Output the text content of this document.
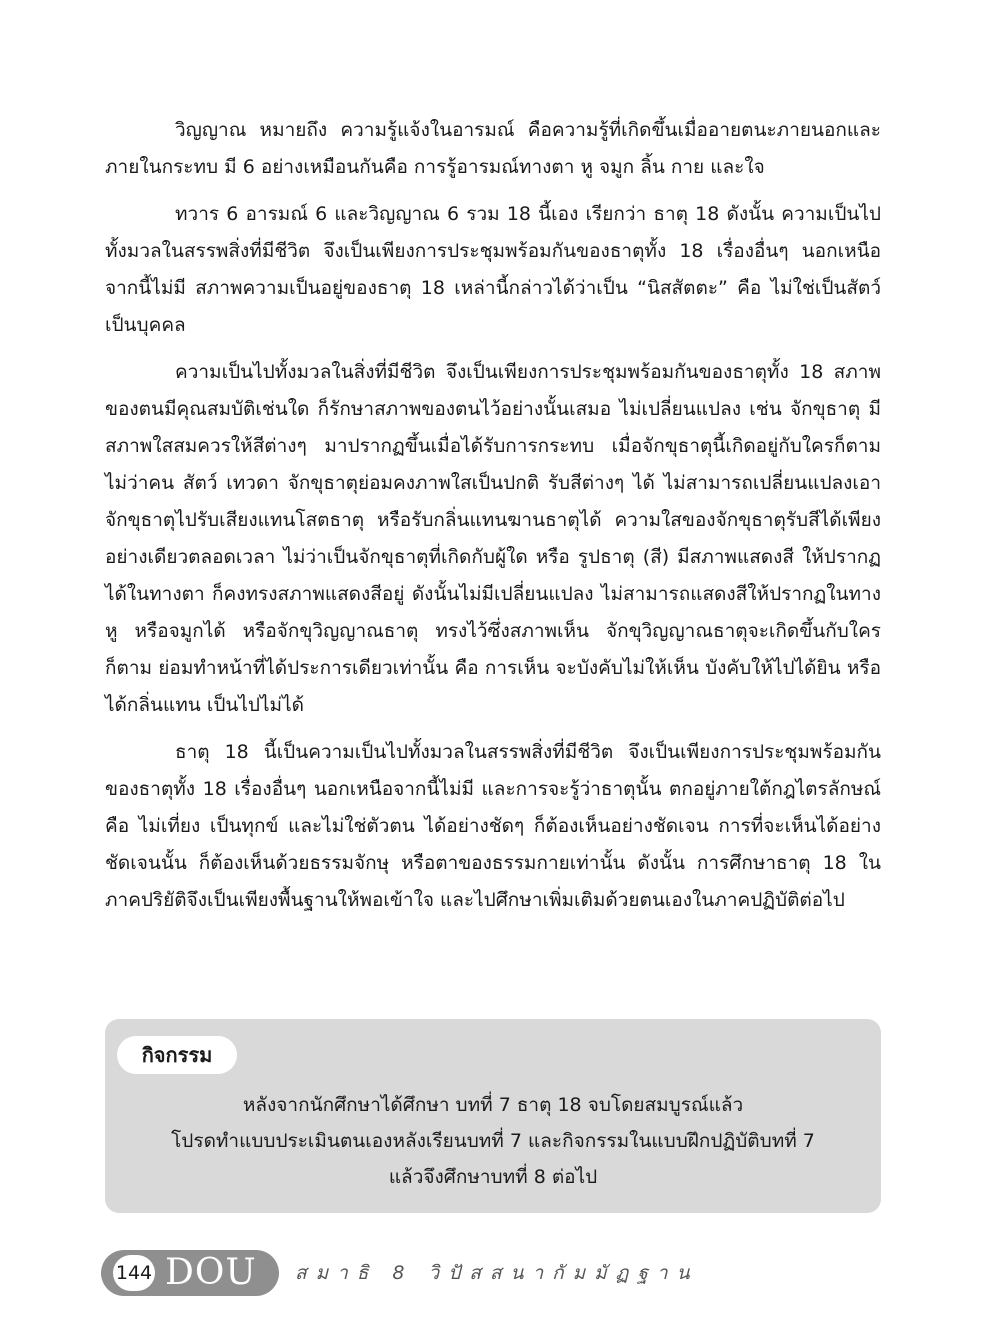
วิญญาณ หมายถึง ความรู้แจ้งในอารมณ์ คือความรู้ที่เกิดขึ้นเมื่ออายตนะภายนอกและภายในกระทบ มี 6 อย่างเหมือนกันคือ การรู้อารมณ์ทางตา หู จมูก ลิ้น กาย และใจ

ทวาร 6 อารมณ์ 6 และวิญญาณ 6 รวม 18 นี้เอง เรียกว่า ธาตุ 18 ดังนั้น ความเป็นไปทั้งมวลในสรรพสิ่งที่มีชีวิต จึงเป็นเพียงการประชุมพร้อมกันของธาตุทั้ง 18 เรื่องอื่นๆ นอกเหนือจากนี้ไม่มี สภาพความเป็นอยู่ของธาตุ 18 เหล่านี้กล่าวได้ว่าเป็น “นิสสัตตะ” คือ ไม่ใช่เป็นสัตว์ เป็นบุคคล

ความเป็นไปทั้งมวลในสิ่งที่มีชีวิต จึงเป็นเพียงการประชุมพร้อมกันของธาตุทั้ง 18 สภาพของตนมีคุณสมบัติเช่นใด ก็รักษาสภาพของตนไว้อย่างนั้นเสมอ ไม่เปลี่ยนแปลง เช่น จักขุธาตุ มีสภาพใสสมควรให้สีต่างๆ มาปรากฏขึ้นเมื่อได้รับการกระทบ เมื่อจักขุธาตุนี้เกิดอยู่กับใครก็ตาม ไม่ว่าคน สัตว์ เทวดา จักขุธาตุย่อมคงภาพใสเป็นปกติ รับสีต่างๆ ได้ ไม่สามารถเปลี่ยนแปลงเอาจักขุธาตุไปรับเสียงแทนโสตธาตุ หรือรับกลิ่นแทนฆานธาตุได้ ความใสของจักขุธาตุรับสีได้เพียงอย่างเดียวตลอดเวลา ไม่ว่าเป็นจักขุธาตุที่เกิดกับผู้ใด หรือ รูปธาตุ (สี) มีสภาพแสดงสี ให้ปรากฏได้ในทางตา ก็คงทรงสภาพแสดงสีอยู่ ดังนั้นไม่มีเปลี่ยนแปลง ไม่สามารถแสดงสีให้ปรากฏในทางหู หรือจมูกได้ หรือจักขุวิญญาณธาตุ ทรงไว้ซึ่งสภาพเห็น จักขุวิญญาณธาตุจะเกิดขึ้นกับใครก็ตาม ย่อมทำหน้าที่ได้ประการเดียวเท่านั้น คือ การเห็น จะบังคับไม่ให้เห็น บังคับให้ไปได้ยิน หรือได้กลิ่นแทน เป็นไปไม่ได้

ธาตุ 18 นี้เป็นความเป็นไปทั้งมวลในสรรพสิ่งที่มีชีวิต จึงเป็นเพียงการประชุมพร้อมกันของธาตุทั้ง 18 เรื่องอื่นๆ นอกเหนือจากนี้ไม่มี และการจะรู้ว่าธาตุนั้น ตกอยู่ภายใต้กฎไตรลักษณ์ คือ ไม่เที่ยง เป็นทุกข์ และไม่ใช่ตัวตน ได้อย่างชัดๆ ก็ต้องเห็นอย่างชัดเจน การที่จะเห็นได้อย่างชัดเจนนั้น ก็ต้องเห็นด้วยธรรมจักษุ หรือตาของธรรมกายเท่านั้น ดังนั้น การศึกษาธาตุ 18 ในภาคปริยัติจึงเป็นเพียงพื้นฐานให้พอเข้าใจ และไปศึกษาเพิ่มเติมด้วยตนเองในภาคปฏิบัติต่อไป

กิจกรรม
หลังจากนักศึกษาได้ศึกษา บทที่ 7 ธาตุ 18 จบโดยสมบูรณ์แล้ว
โปรดทำแบบประเมินตนเองหลังเรียนบทที่ 7 และกิจกรรมในแบบฝึกปฏิบัติบทที่ 7
แล้วจึงศึกษาบทที่ 8 ต่อไป
144 DOU สมาธิ 8 วิปัสสนากัมมัฏฐาน
